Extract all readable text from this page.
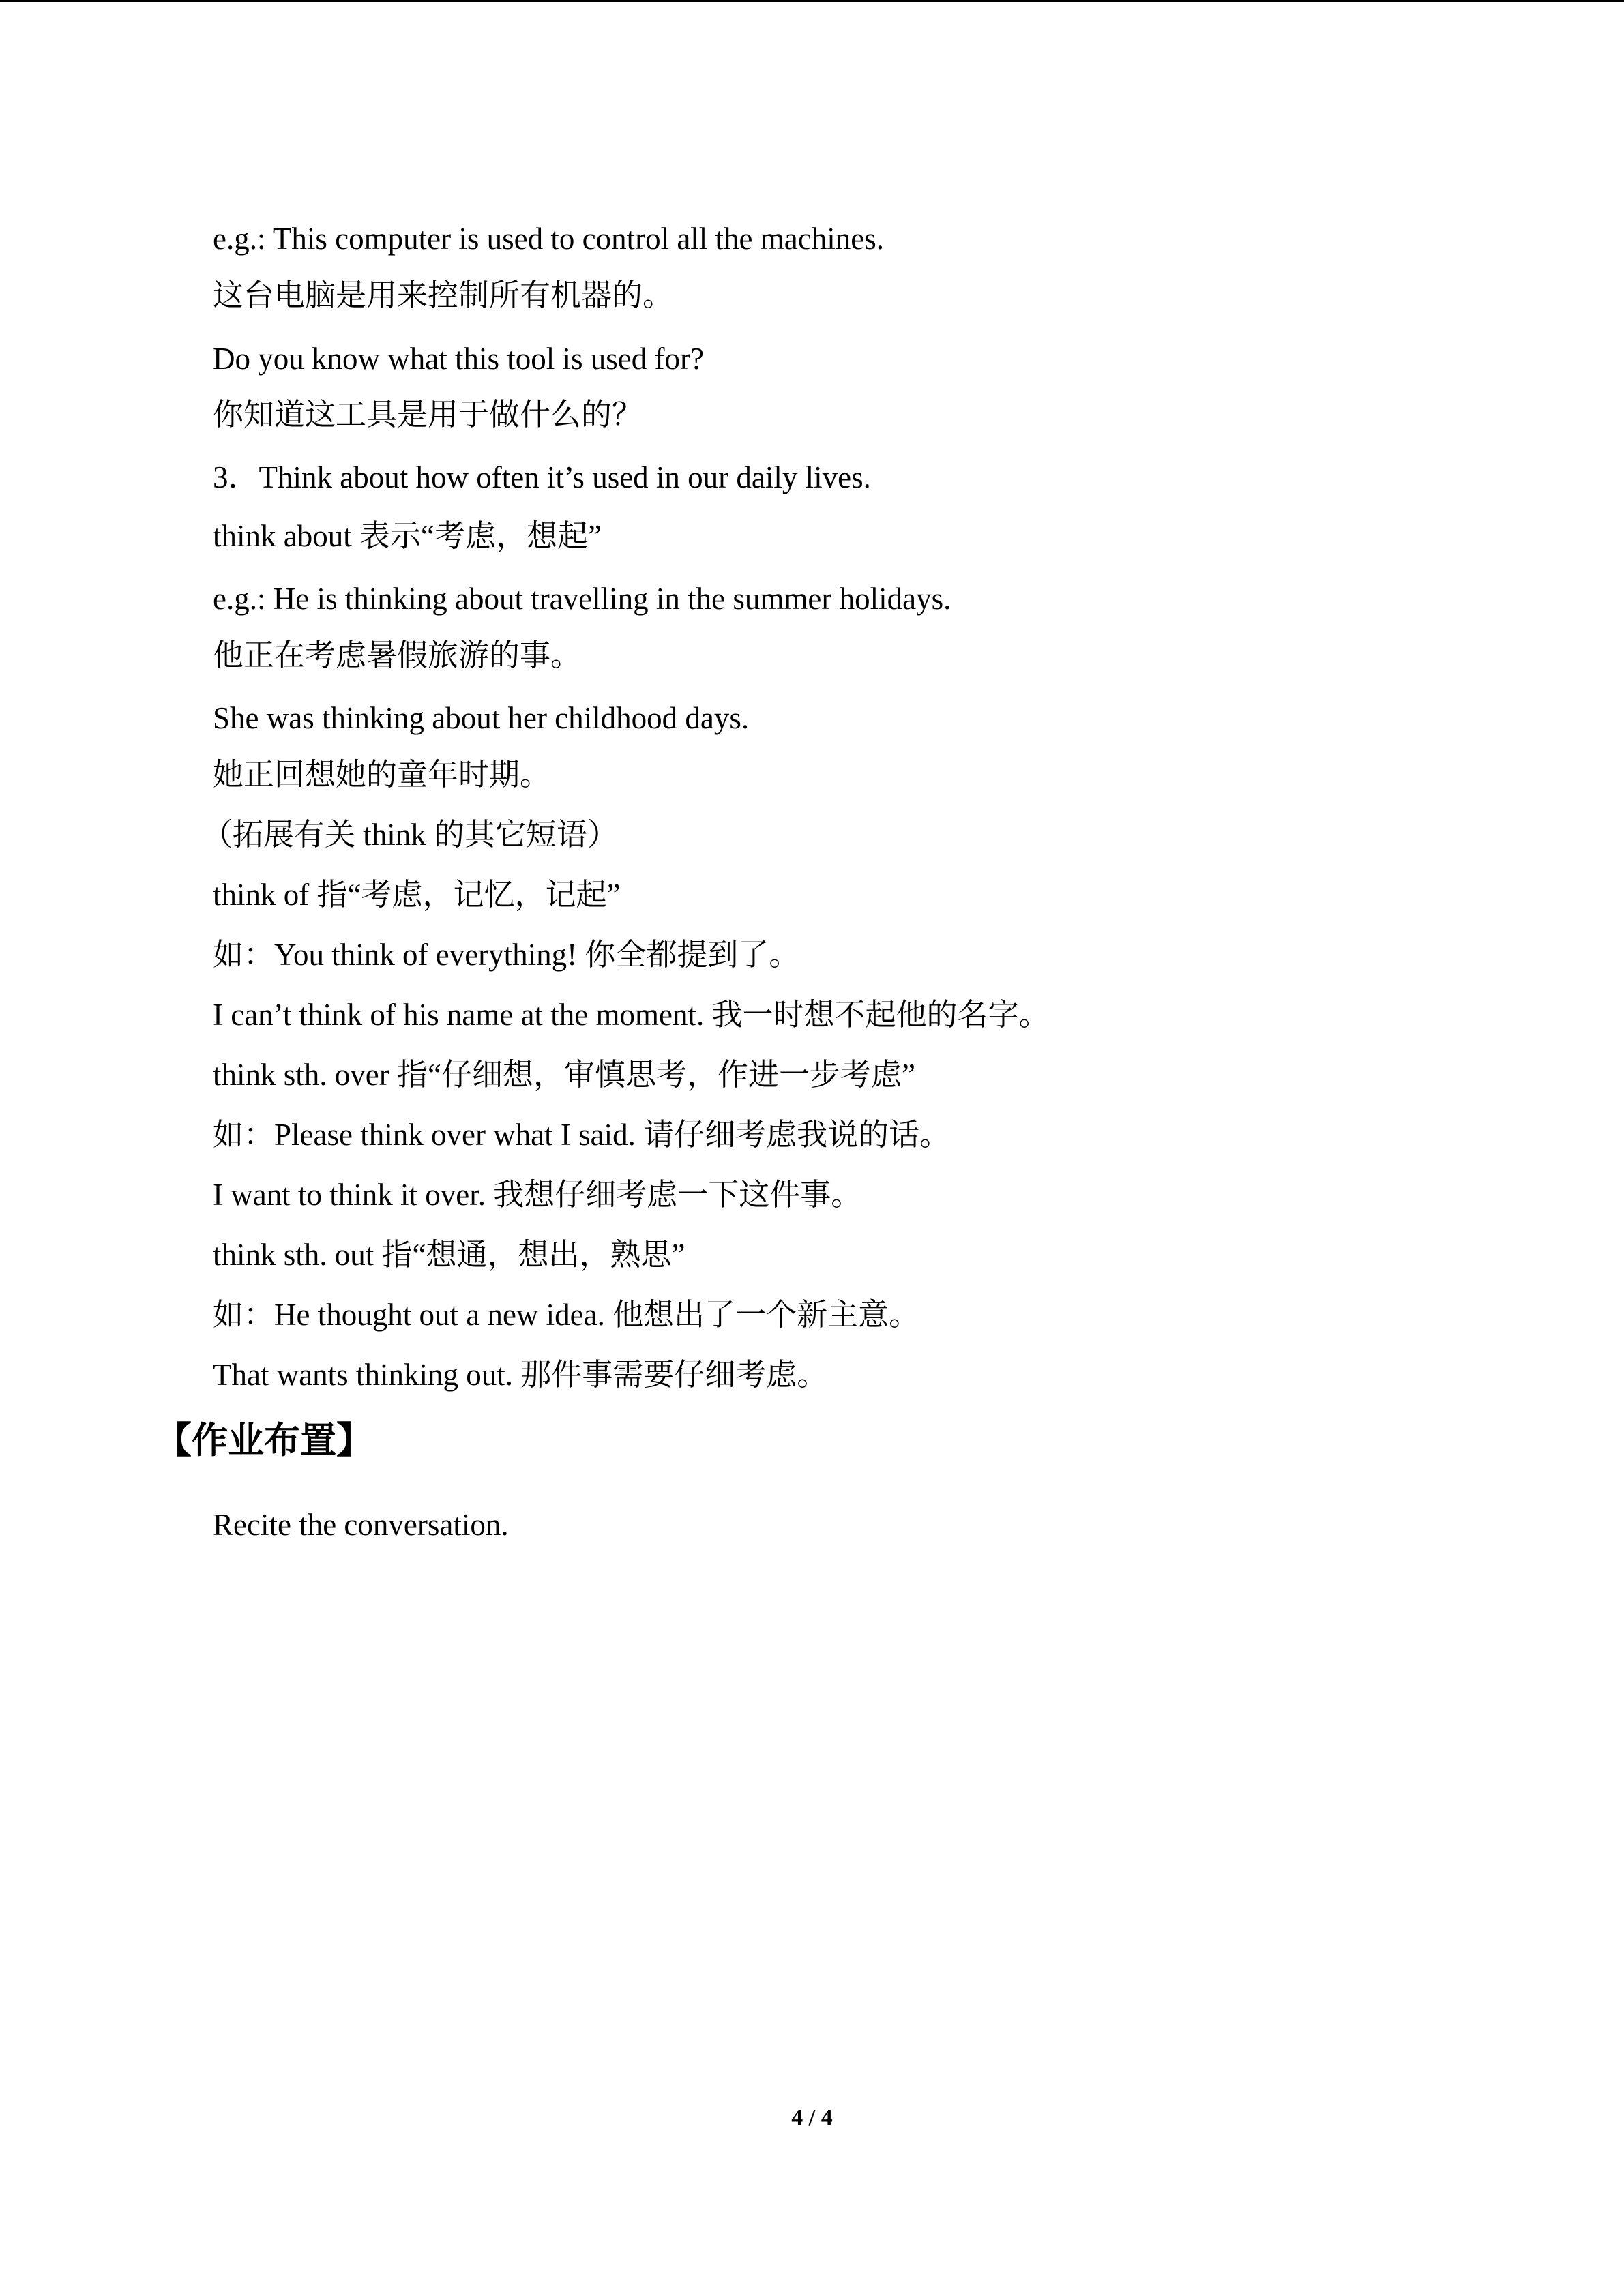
e.g.: This computer is used to control all the machines.
这台电脑是用来控制所有机器的。
Do you know what this tool is used for?
你知道这工具是用于做什么的？
3．Think about how often it’s used in our daily lives.
think about 表示“考虑，想起”
e.g.: He is thinking about travelling in the summer holidays.
他正在考虑暑假旅游的事。
She was thinking about her childhood days.
她正回想她的童年时期。
（拓展有关 think 的其它短语）
think of 指“考虑，记忆，记起”
如：You think of everything! 你全都提到了。
I can’t think of his name at the moment. 我一时想不起他的名字。
think sth. over 指“仔细想，审慎思考，作进一步考虑”
如：Please think over what I said. 请仔细考虑我说的话。
I want to think it over. 我想仔细考虑一下这件事。
think sth. out 指“想通，想出，熟思”
如：He thought out a new idea. 他想出了一个新主意。
That wants thinking out. 那件事需要仔细考虑。
【作业布置】
Recite the conversation.
4 / 4
